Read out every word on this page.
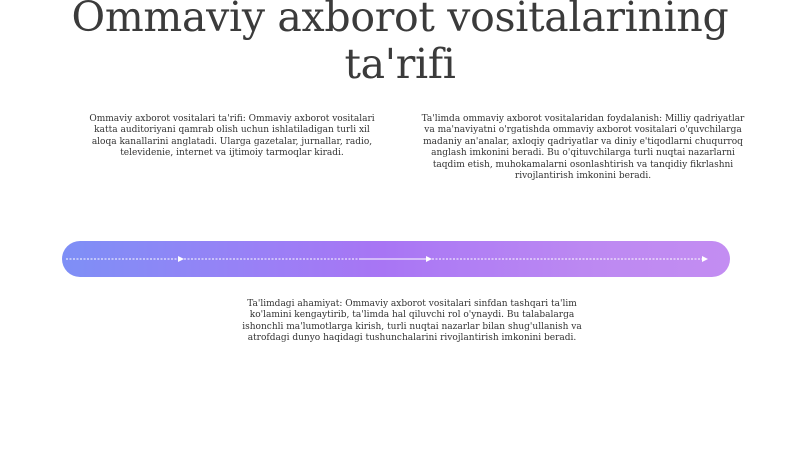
Ommaviy axborot vositalarining ta'rifi

Ommaviy axborot vositalari ta'rifi: Ommaviy axborot vositalari katta auditoriyani qamrab olish uchun ishlatiladigan turli xil aloqa kanallarini anglatadi. Ularga gazetalar, jurnallar, radio, televidenie, internet va ijtimoiy tarmoqlar kiradi.

Ta'limda ommaviy axborot vositalaridan foydalanish: Milliy qadriyatlar va ma'naviyatni o'rgatishda ommaviy axborot vositalari o'quvchilarga madaniy an'analar, axloqiy qadriyatlar va diniy e'tiqodlarni chuqurroq anglash imkonini beradi. Bu o'qituvchilarga turli nuqtai nazarlarni taqdim etish, muhokamalarni osonlashtirish va tanqidiy fikrlashni rivojlantirish imkonini beradi.

Ta'limdagi ahamiyat: Ommaviy axborot vositalari sinfdan tashqari ta'lim ko'lamini kengaytirib, ta'limda hal qiluvchi rol o'ynaydi. Bu talabalarga ishonchli ma'lumotlarga kirish, turli nuqtai nazarlar bilan shug'ullanish va atrofdagi dunyo haqidagi tushunchalarini rivojlantirish imkonini beradi.
